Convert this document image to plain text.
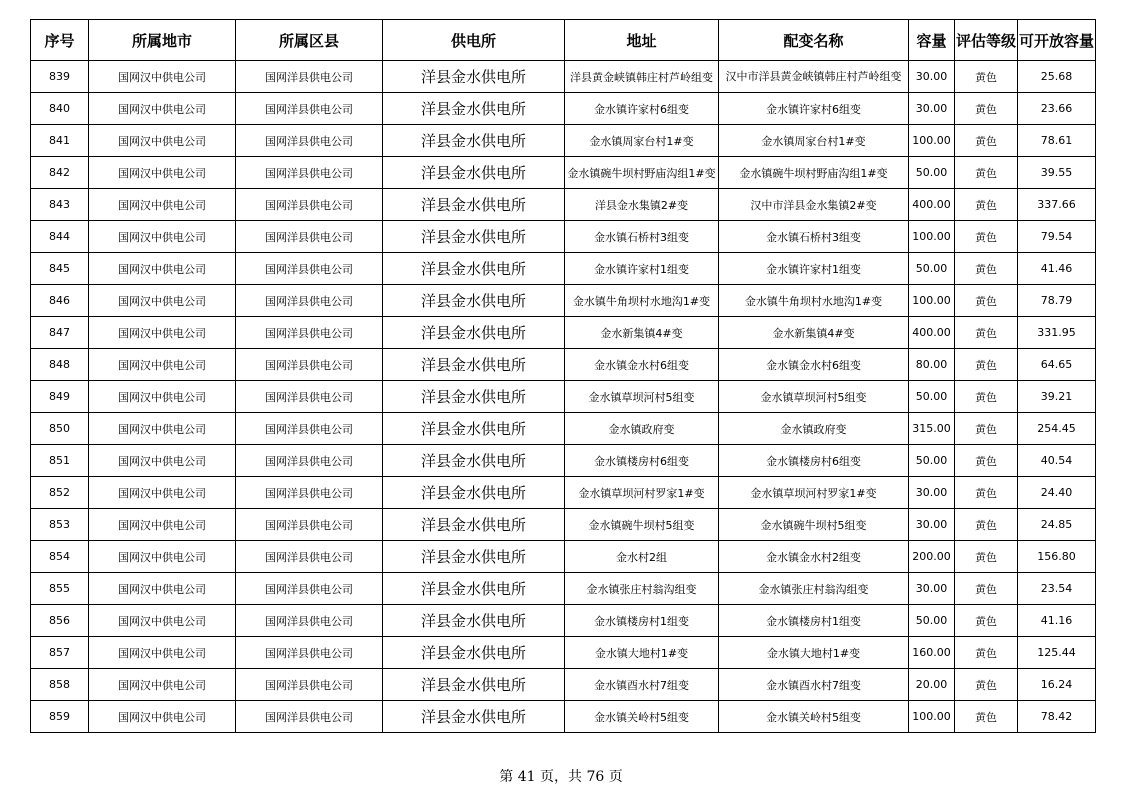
序号	所属地市	所属区县	供电所	地址	配变名称	容量	评估等级	可开放容量
839	国网汉中供电公司	国网洋县供电公司	洋县金水供电所	洋县黄金峡镇韩庄村芦岭组变	汉中市洋县黄金峡镇韩庄村芦岭组变	30.00	黄色	25.68
840	国网汉中供电公司	国网洋县供电公司	洋县金水供电所	金水镇许家村6组变	金水镇许家村6组变	30.00	黄色	23.66
841	国网汉中供电公司	国网洋县供电公司	洋县金水供电所	金水镇周家台村1#变	金水镇周家台村1#变	100.00	黄色	78.61
842	国网汉中供电公司	国网洋县供电公司	洋县金水供电所	金水镇碗牛坝村野庙沟组1#变	金水镇碗牛坝村野庙沟组1#变	50.00	黄色	39.55
843	国网汉中供电公司	国网洋县供电公司	洋县金水供电所	洋县金水集镇2#变	汉中市洋县金水集镇2#变	400.00	黄色	337.66
844	国网汉中供电公司	国网洋县供电公司	洋县金水供电所	金水镇石桥村3组变	金水镇石桥村3组变	100.00	黄色	79.54
845	国网汉中供电公司	国网洋县供电公司	洋县金水供电所	金水镇许家村1组变	金水镇许家村1组变	50.00	黄色	41.46
846	国网汉中供电公司	国网洋县供电公司	洋县金水供电所	金水镇牛角坝村水地沟1#变	金水镇牛角坝村水地沟1#变	100.00	黄色	78.79
847	国网汉中供电公司	国网洋县供电公司	洋县金水供电所	金水新集镇4#变	金水新集镇4#变	400.00	黄色	331.95
848	国网汉中供电公司	国网洋县供电公司	洋县金水供电所	金水镇金水村6组变	金水镇金水村6组变	80.00	黄色	64.65
849	国网汉中供电公司	国网洋县供电公司	洋县金水供电所	金水镇草坝河村5组变	金水镇草坝河村5组变	50.00	黄色	39.21
850	国网汉中供电公司	国网洋县供电公司	洋县金水供电所	金水镇政府变	金水镇政府变	315.00	黄色	254.45
851	国网汉中供电公司	国网洋县供电公司	洋县金水供电所	金水镇楼房村6组变	金水镇楼房村6组变	50.00	黄色	40.54
852	国网汉中供电公司	国网洋县供电公司	洋县金水供电所	金水镇草坝河村罗家1#变	金水镇草坝河村罗家1#变	30.00	黄色	24.40
853	国网汉中供电公司	国网洋县供电公司	洋县金水供电所	金水镇碗牛坝村5组变	金水镇碗牛坝村5组变	30.00	黄色	24.85
854	国网汉中供电公司	国网洋县供电公司	洋县金水供电所	金水村2组	金水镇金水村2组变	200.00	黄色	156.80
855	国网汉中供电公司	国网洋县供电公司	洋县金水供电所	金水镇张庄村翁沟组变	金水镇张庄村翁沟组变	30.00	黄色	23.54
856	国网汉中供电公司	国网洋县供电公司	洋县金水供电所	金水镇楼房村1组变	金水镇楼房村1组变	50.00	黄色	41.16
857	国网汉中供电公司	国网洋县供电公司	洋县金水供电所	金水镇大地村1#变	金水镇大地村1#变	160.00	黄色	125.44
858	国网汉中供电公司	国网洋县供电公司	洋县金水供电所	金水镇酉水村7组变	金水镇酉水村7组变	20.00	黄色	16.24
859	国网汉中供电公司	国网洋县供电公司	洋县金水供电所	金水镇关岭村5组变	金水镇关岭村5组变	100.00	黄色	78.42
第 41 页，共 76 页
